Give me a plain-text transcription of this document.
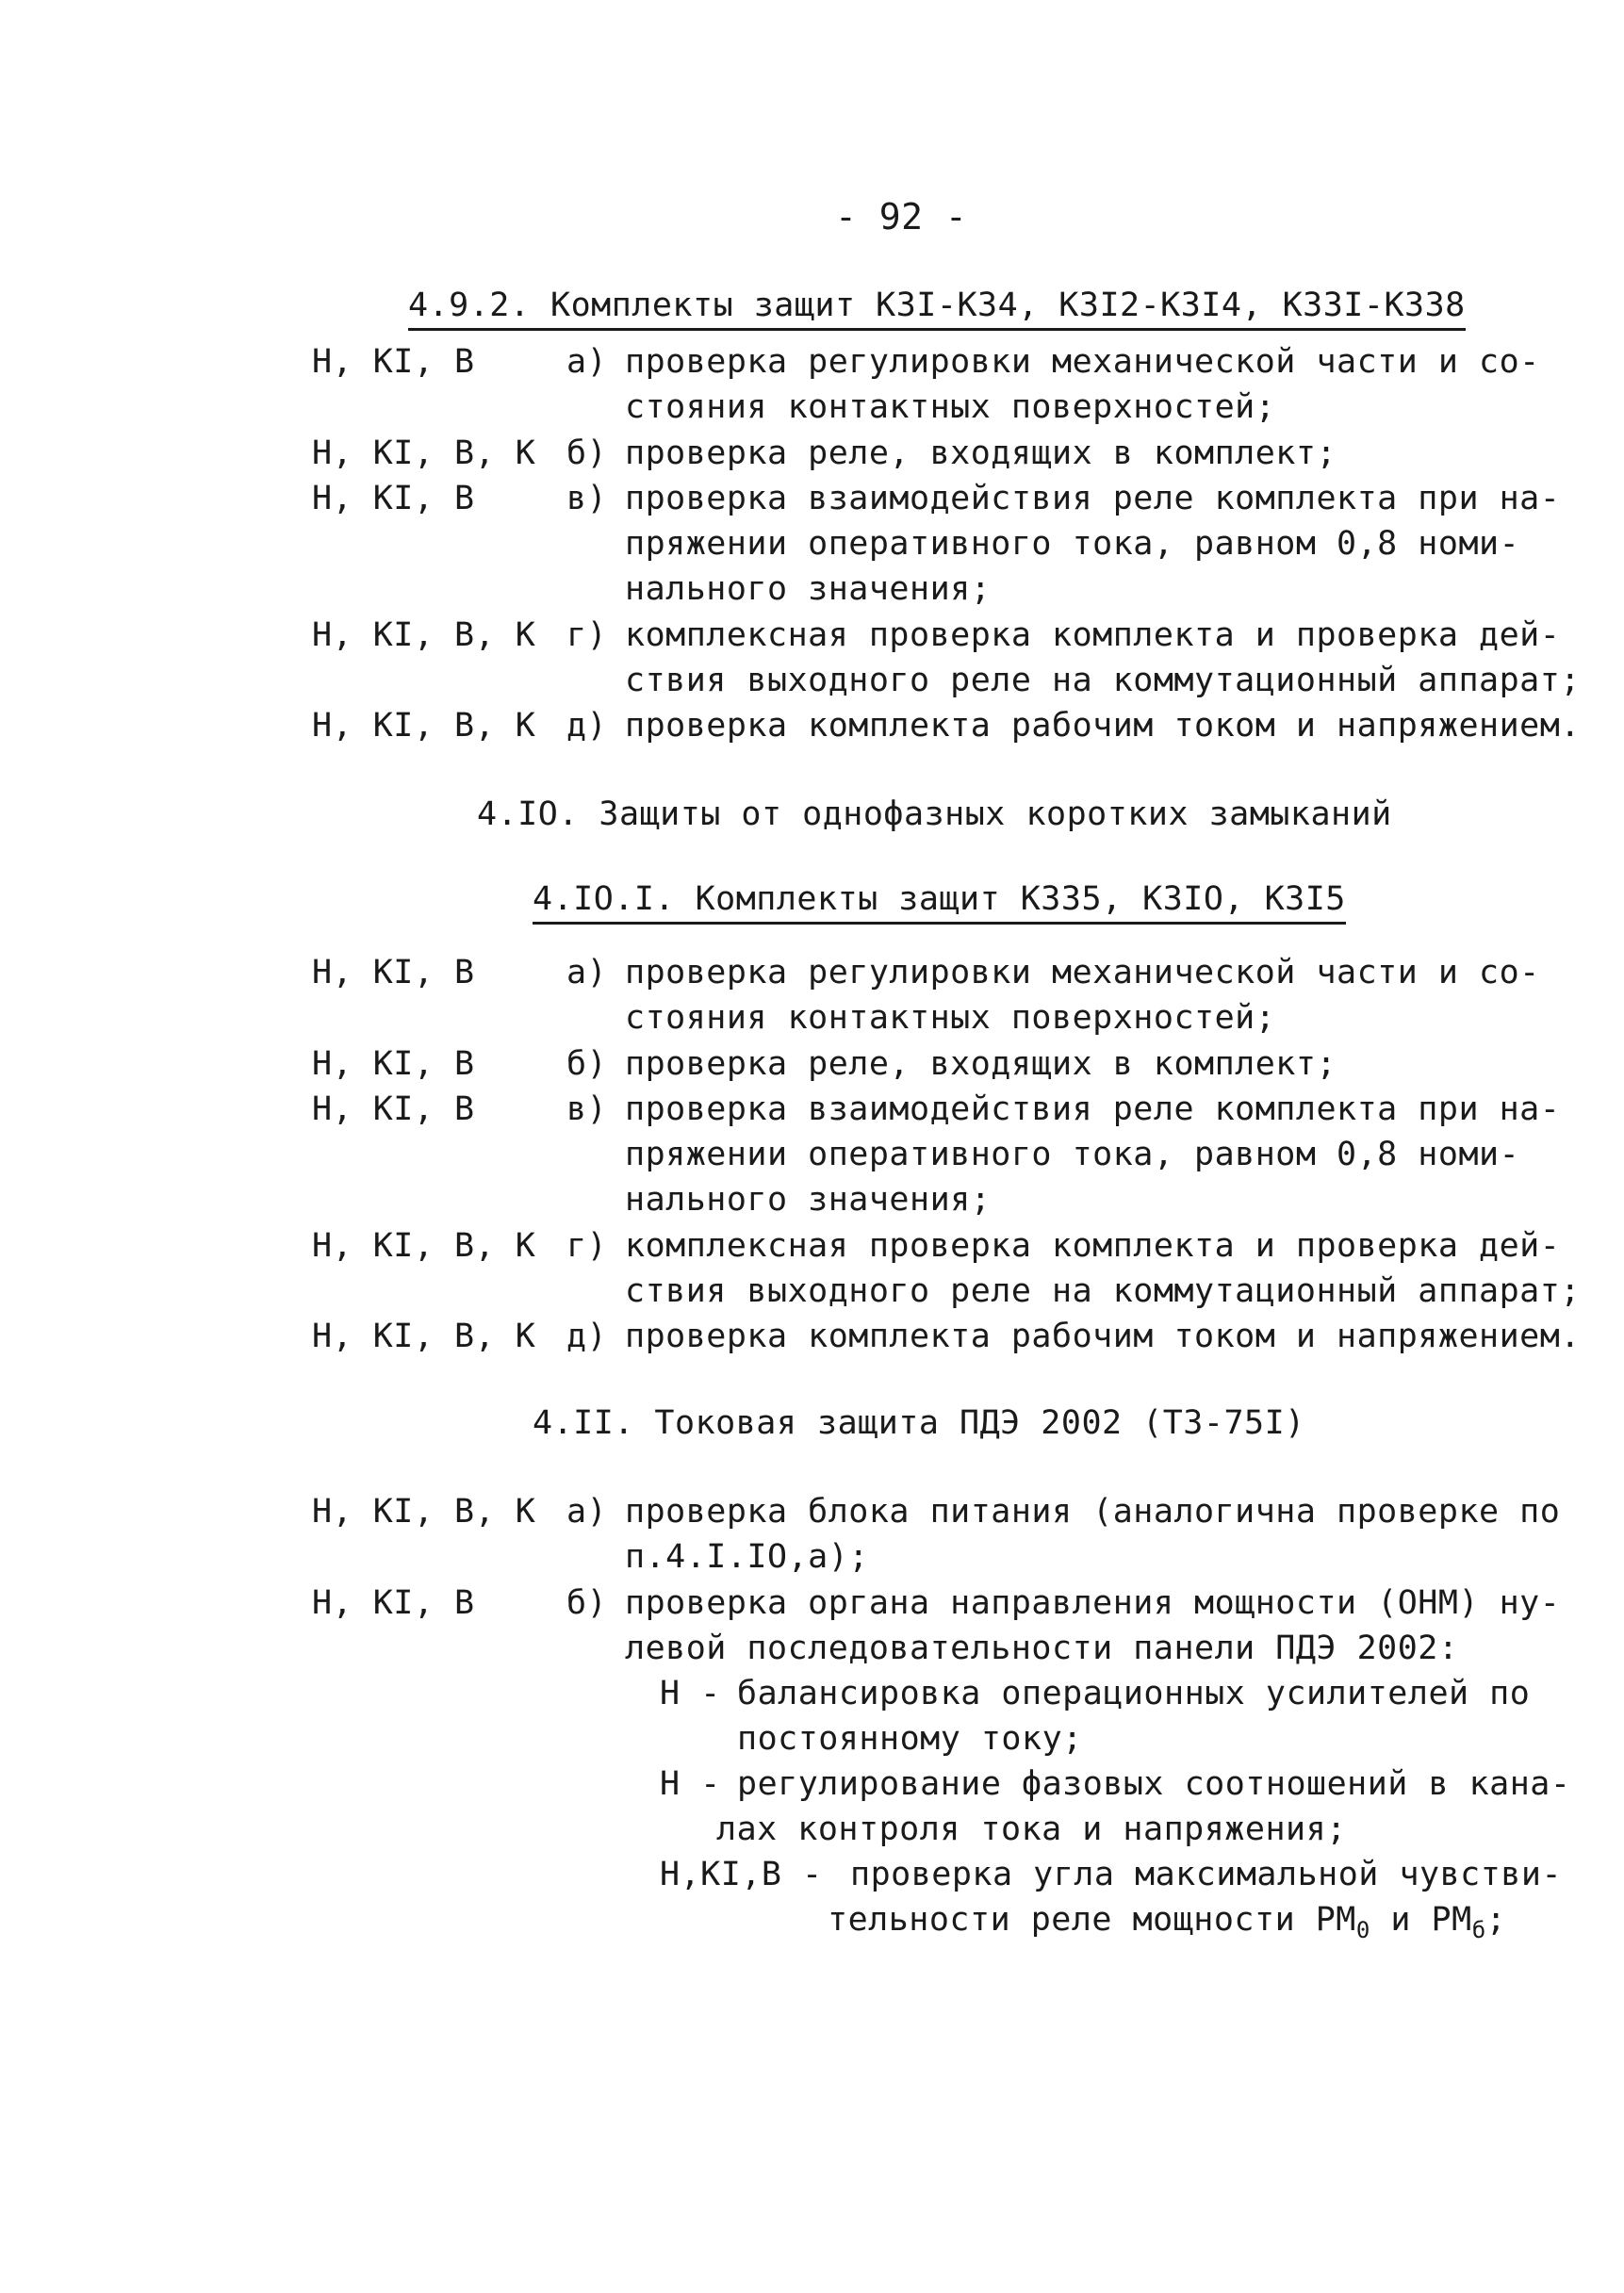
- 92 -
4.9.2. Комплекты защит КЗI-КЗ4, КЗI2-КЗI4, КЗЗI-КЗЗ8
Н, КI, В	а) проверка регулировки механической части и со-
стояния контактных поверхностей;
Н, КI, В, К б) проверка реле, входящих в комплект;
Н, КI, В	в) проверка взаимодействия реле комплекта при на-
пряжении оперативного тока, равном 0,8 номи-
нального значения;
Н, КI, В, К г) комплексная проверка комплекта и проверка дей-
ствия выходного реле на коммутационный аппарат;
Н, КI, В, К д) проверка комплекта рабочим током и напряжением.
4.IО. Защиты от однофазных коротких замыканий
4.IО.I. Комплекты защит КЗ35, КЗIО, КЗI5
Н, КI, В	а) проверка регулировки механической части и со-
стояния контактных поверхностей;
Н, КI, В	б) проверка реле, входящих в комплект;
Н, КI, В	в) проверка взаимодействия реле комплекта при на-
пряжении оперативного тока, равном 0,8 номи-
нального значения;
Н, КI, В, К г) комплексная проверка комплекта и проверка дей-
ствия выходного реле на коммутационный аппарат;
Н, КI, В, К д) проверка комплекта рабочим током и напряжением.
4.II. Токовая защита ПДЭ 2002 (ТЗ-75I)
Н, КI, В, К а) проверка блока питания (аналогична проверке по
п.4.I.IО,а);
Н, КI, В	б) проверка органа направления мощности (ОНМ) ну-
левой последовательности панели ПДЭ 2002:
Н - балансировка операционных усилителей по
постоянному току;
Н - регулирование фазовых соотношений в кана-
лах контроля тока и напряжения;
Н,КI,В - проверка угла максимальной чувстви-
тельности реле мощности $РМ_0$ и $РМ_б$;
